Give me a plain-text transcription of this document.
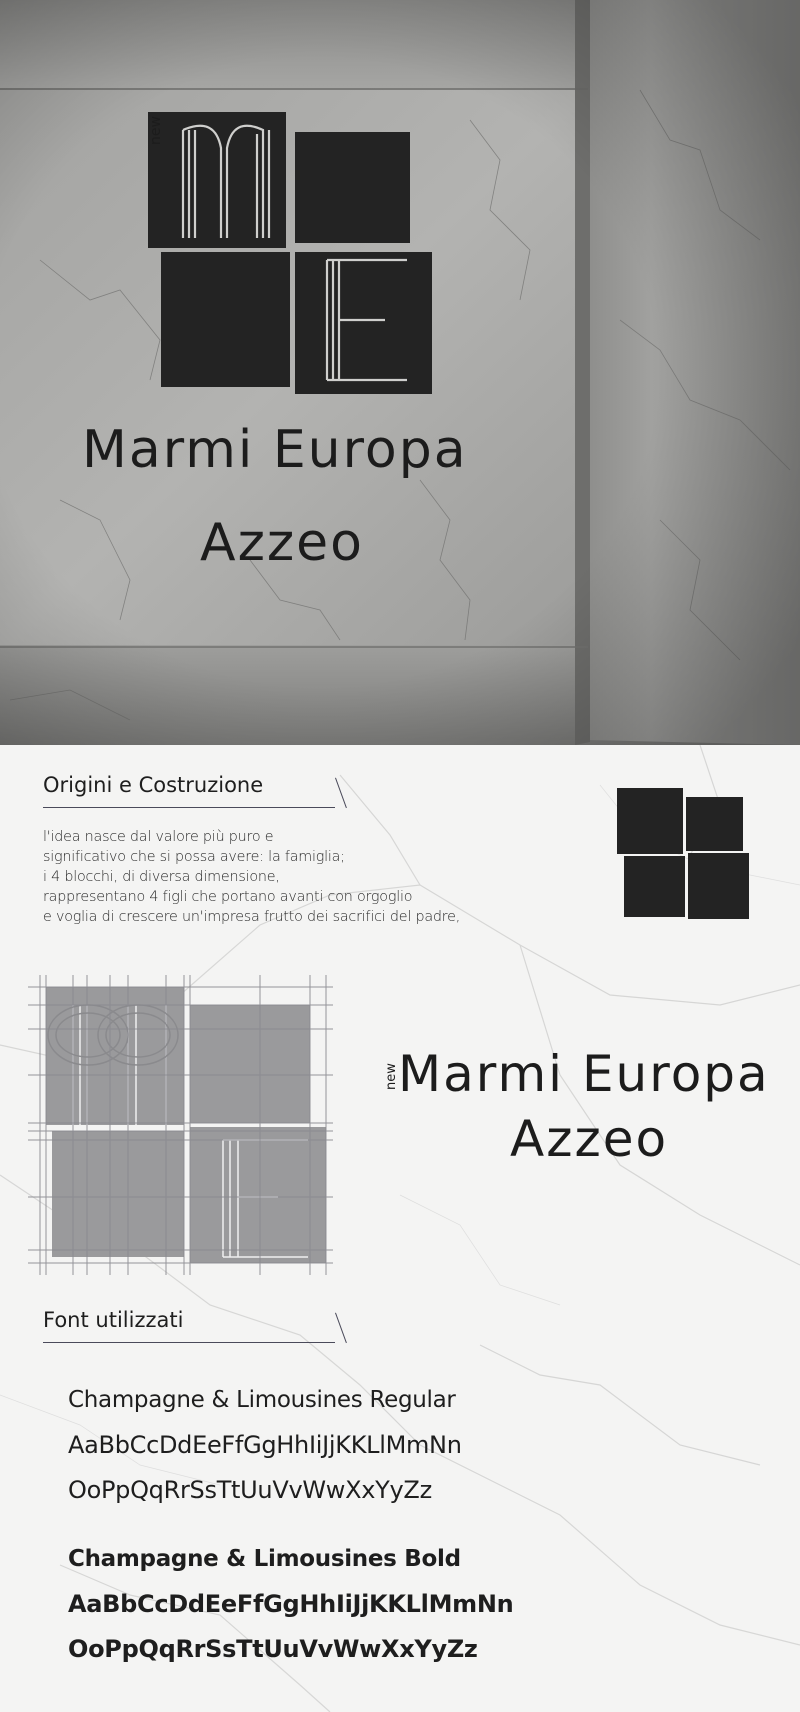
new
Marmi Europa
Azzeo
Origini e Costruzione
l'idea nasce dal valore più puro e
significativo che si possa avere: la famiglia;
i 4 blocchi, di diversa dimensione,
rappresentano 4 figli che portano avanti con orgoglio
e voglia di crescere un'impresa frutto dei sacrifici del padre,
new Marmi Europa
Azzeo
Font utilizzati
Champagne & Limousines Regular
AaBbCcDdEeFfGgHhIiJjKKLlMmNn
OoPpQqRrSsTtUuVvWwXxYyZz
Champagne & Limousines Bold
AaBbCcDdEeFfGgHhIiJjKKLlMmNn
OoPpQqRrSsTtUuVvWwXxYyZz
